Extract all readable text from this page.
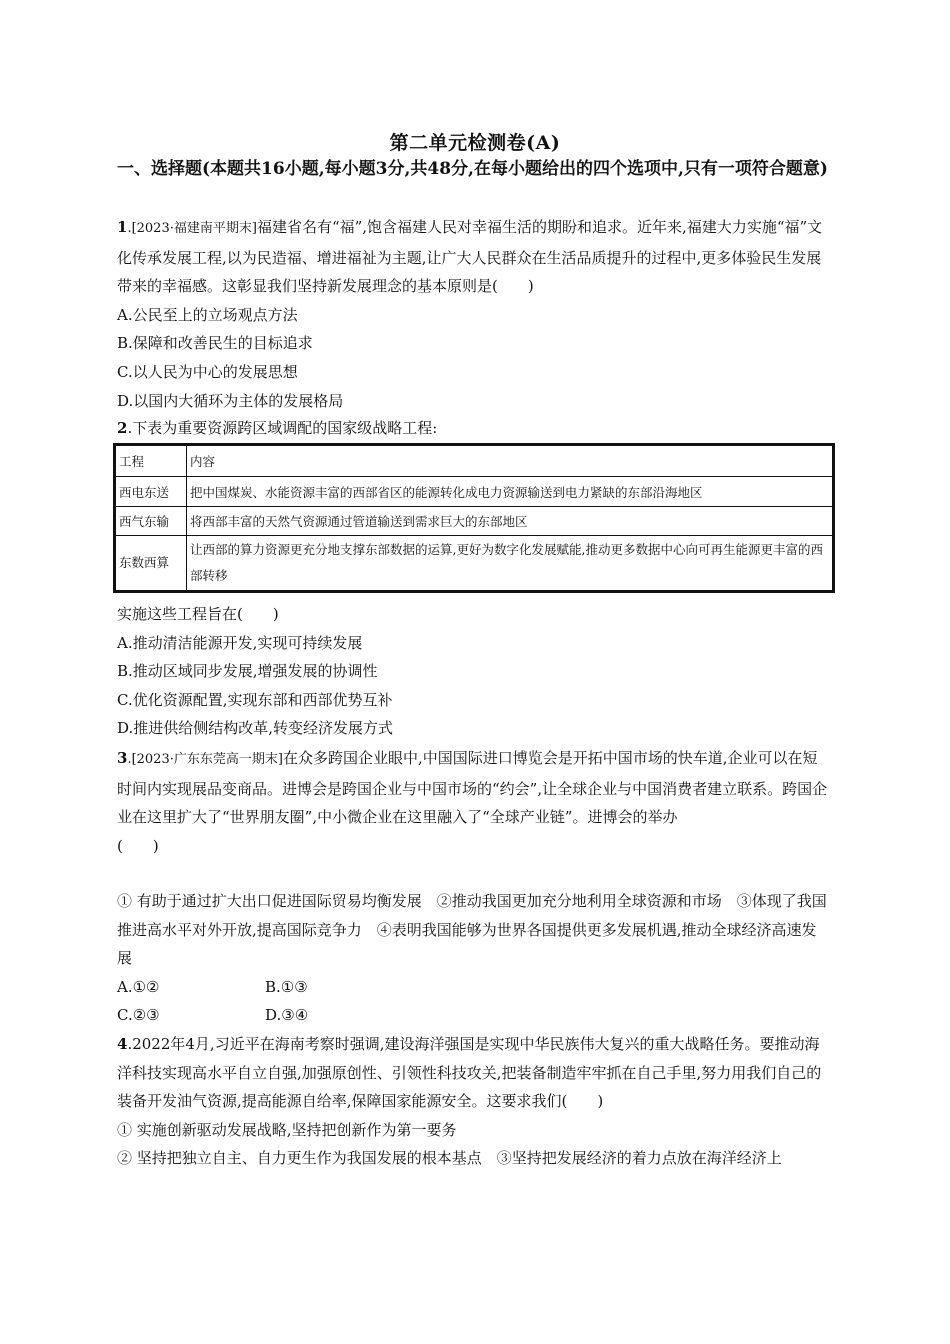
第二单元检测卷(A)
一、选择题(本题共16小题,每小题3分,共48分,在每小题给出的四个选项中,只有一项符合题意)
1.[2023·福建南平期末]福建省名有“福”,饱含福建人民对幸福生活的期盼和追求。近年来,福建大力实施“福”文化传承发展工程,以为民造福、增进福祉为主题,让广大人民群众在生活品质提升的过程中,更多体验民生发展带来的幸福感。这彰显我们坚持新发展理念的基本原则是(　　)
A.公民至上的立场观点方法
B.保障和改善民生的目标追求
C.以人民为中心的发展思想
D.以国内大循环为主体的发展格局
2.下表为重要资源跨区域调配的国家级战略工程:
工程	内容
西电东送	把中国煤炭、水能资源丰富的西部省区的能源转化成电力资源输送到电力紧缺的东部沿海地区
西气东输	将西部丰富的天然气资源通过管道输送到需求巨大的东部地区
东数西算	让西部的算力资源更充分地支撑东部数据的运算,更好为数字化发展赋能,推动更多数据中心向可再生能源更丰富的西部转移
实施这些工程旨在(　　)
A.推动清洁能源开发,实现可持续发展
B.推动区域同步发展,增强发展的协调性
C.优化资源配置,实现东部和西部优势互补
D.推进供给侧结构改革,转变经济发展方式
3.[2023·广东东莞高一期末]在众多跨国企业眼中,中国国际进口博览会是开拓中国市场的快车道,企业可以在短时间内实现展品变商品。进博会是跨国企业与中国市场的“约会”,让全球企业与中国消费者建立联系。跨国企业在这里扩大了“世界朋友圈”,中小微企业在这里融入了“全球产业链”。进博会的举办(　　)
① 有助于通过扩大出口促进国际贸易均衡发展　②推动我国更加充分地利用全球资源和市场　③体现了我国推进高水平对外开放,提高国际竞争力　④表明我国能够为世界各国提供更多发展机遇,推动全球经济高速发展
A.①②	B.①③
C.②③	D.③④
4.2022年4月,习近平在海南考察时强调,建设海洋强国是实现中华民族伟大复兴的重大战略任务。要推动海洋科技实现高水平自立自强,加强原创性、引领性科技攻关,把装备制造牢牢抓在自己手里,努力用我们自己的装备开发油气资源,提高能源自给率,保障国家能源安全。这要求我们(　　)
① 实施创新驱动发展战略,坚持把创新作为第一要务
② 坚持把独立自主、自力更生作为我国发展的根本基点　③坚持把发展经济的着力点放在海洋经济上
